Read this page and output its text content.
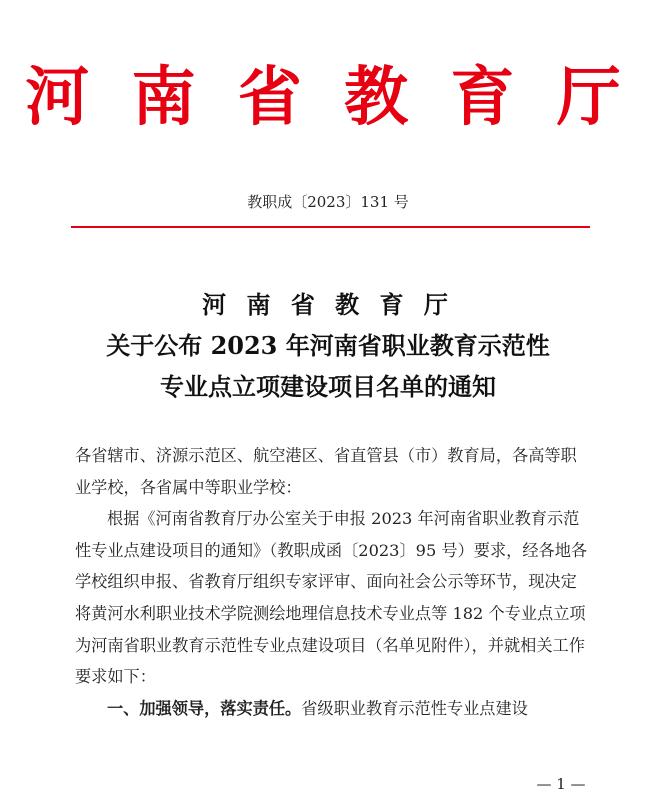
河 南 省 教 育 厅
教职成〔2023〕131 号
河 南 省 教 育 厅
关于公布 2023 年河南省职业教育示范性
专业点立项建设项目名单的通知

各省辖市、济源示范区、航空港区、省直管县（市）教育局，各高等职业学校，各省属中等职业学校：

根据《河南省教育厅办公室关于申报 2023 年河南省职业教育示范性专业点建设项目的通知》（教职成函〔2023〕95 号）要求，经各地各学校组织申报、省教育厅组织专家评审、面向社会公示等环节，现决定将黄河水利职业技术学院测绘地理信息技术专业点等 182 个专业点立项为河南省职业教育示范性专业点建设项目（名单见附件），并就相关工作要求如下：

一、加强领导，落实责任。省级职业教育示范性专业点建设

— 1 —
